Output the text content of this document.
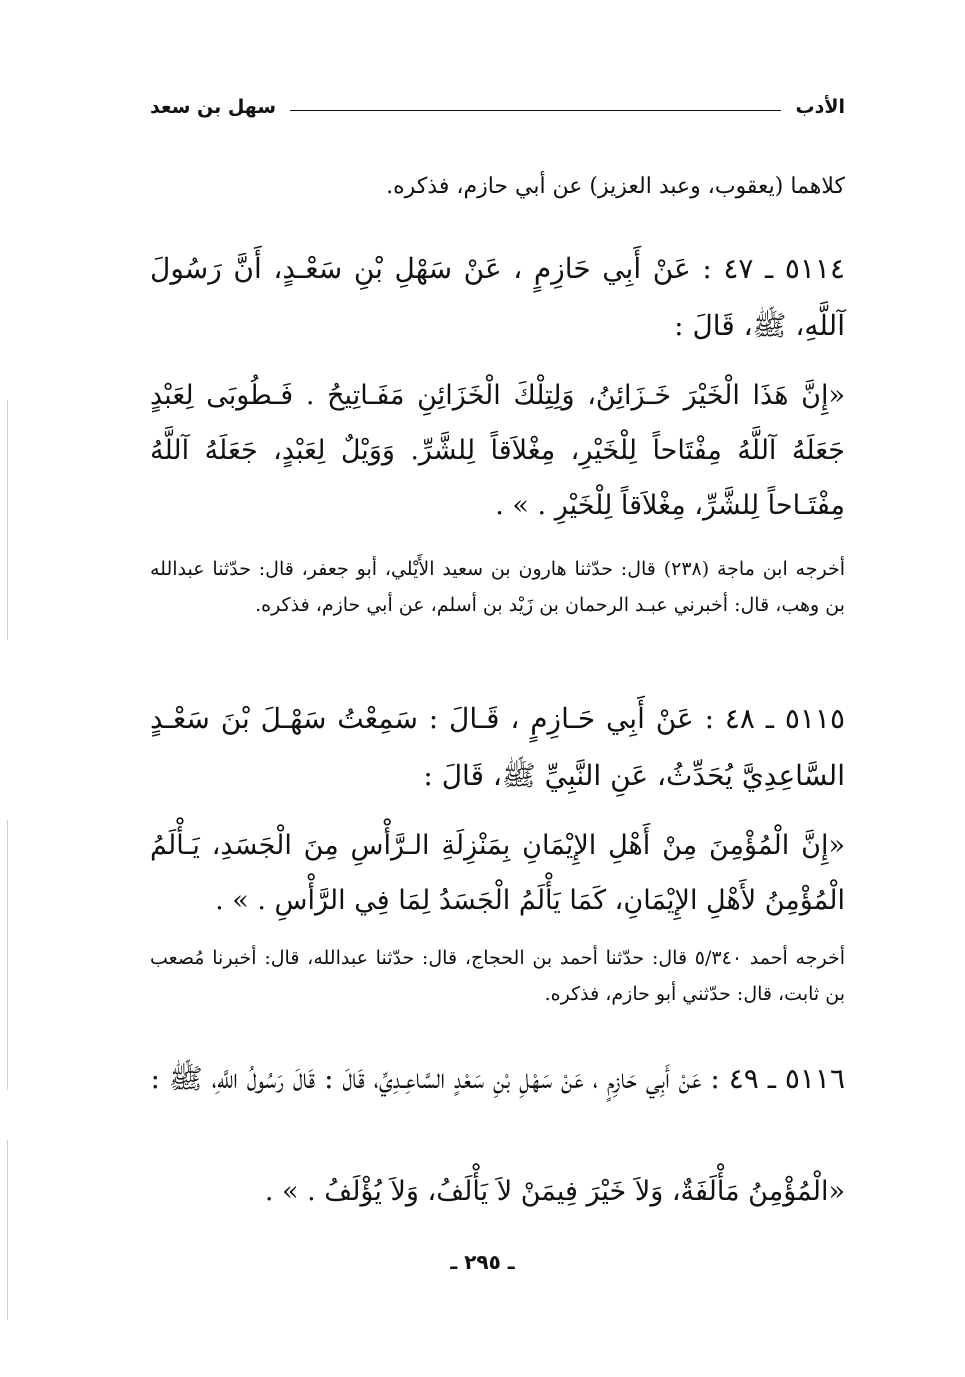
الأدب
سهل بن سعد

كلاهما (يعقوب، وعبد العزيز) عن أبي حازم، فذكره.

٥١١٤ ـ ٤٧ : عَنْ أَبِي حَازِمٍ ، عَنْ سَهْلِ بْنِ سَعْـدٍ، أَنَّ رَسُولَ آللَّهِ، ﷺ، قَالَ :

«إِنَّ هَذَا الْخَيْرَ خَـزَائِنُ، وَلِتِلْكَ الْخَزَائِنِ مَفَـاتِيحُ . فَـطُوبَى لِعَبْدٍ جَعَلَهُ آللَّهُ مِفْتَاحاً لِلْخَيْرِ، مِغْلاَقاً لِلشَّرِّ. وَوَيْلٌ لِعَبْدٍ، جَعَلَهُ آللَّهُ مِفْتَـاحاً لِلشَّرِّ، مِغْلاَقاً لِلْخَيْرِ . » .

أخرجه ابن ماجة (٢٣٨) قال: حدّثنا هارون بن سعيد الأَيْلي، أبو جعفر، قال: حدّثنا عبدالله بن وهب، قال: أخبرني عبـد الرحمان بن زَيْد بن أسلم، عن أبي حازم، فذكره.

٥١١٥ ـ ٤٨ : عَنْ أَبِي حَـازِمٍ ، قَـالَ : سَمِعْتُ سَهْـلَ بْنَ سَعْـدٍ السَّاعِدِيَّ يُحَدِّثُ، عَنِ النَّبِيِّ ﷺ، قَالَ :

«إِنَّ الْمُؤْمِنَ مِنْ أَهْلِ الإِيْمَانِ بِمَنْزِلَةِ الـرَّأْسِ مِنَ الْجَسَدِ، يَـأْلَمُ الْمُؤْمِنُ لأَهْلِ الإِيْمَانِ، كَمَا يَأْلَمُ الْجَسَدُ لِمَا فِي الرَّأْسِ . » .

أخرجه أحمد ٥/٣٤٠ قال: حدّثنا أحمد بن الحجاج، قال: حدّثنا عبدالله، قال: أخبرنا مُصعب بن ثابت، قال: حدّثني أبو حازم، فذكره.

٥١١٦ ـ ٤٩ : عَنْ أَبِي حَازِمٍ ، عَنْ سَهْلِ بْنِ سَعْدٍ السَّاعِـدِيِّ، قَالَ : قَالَ رَسُولُ اللَّهِ، ﷺ :

«الْمُؤْمِنُ مَأْلَفَةٌ، وَلاَ خَيْرَ فِيمَنْ لاَ يَأْلَفُ، وَلاَ يُؤْلَفُ . » .

ـ ٢٩٥ ـ
